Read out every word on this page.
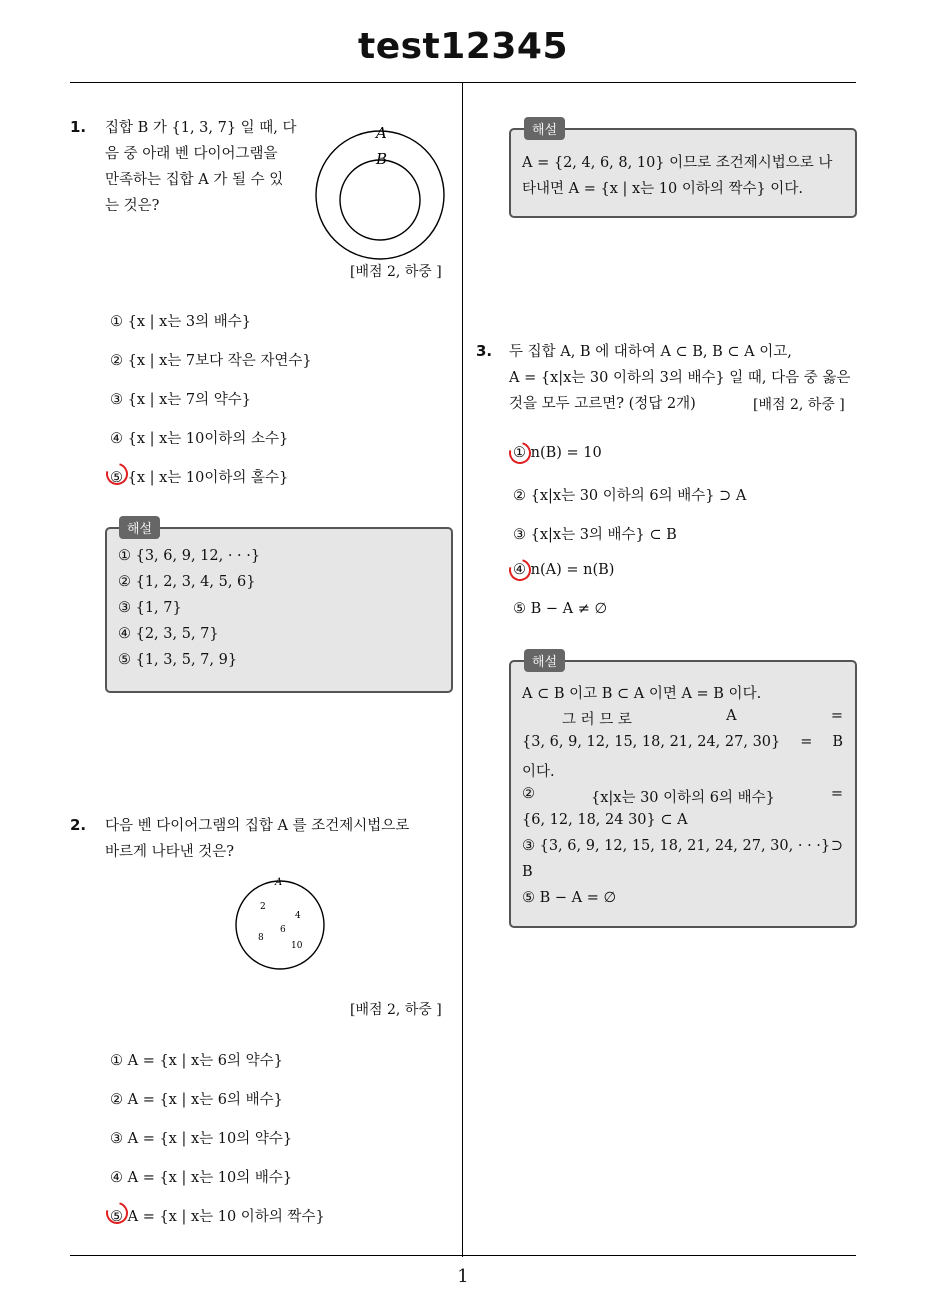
test12345
1
1. 집합 B 가 {1, 3, 7} 일 때, 다
음 중 아래 벤 다이어그램을
만족하는 집합 A 가 될 수 있
는 것은?
A
B
[배점 2, 하중 ]
① {x | x는 3의 배수}
② {x | x는 7보다 작은 자연수}
③ {x | x는 7의 약수}
④ {x | x는 10이하의 소수}
⑤ {x | x는 10이하의 홀수}
해설
① {3, 6, 9, 12, · · ·}
② {1, 2, 3, 4, 5, 6}
③ {1, 7}
④ {2, 3, 5, 7}
⑤ {1, 3, 5, 7, 9}
2. 다음 벤 다이어그램의 집합 A 를 조건제시법으로
바르게 나타낸 것은?
A
2
4
6
8
10
[배점 2, 하중 ]
① A = {x | x는 6의 약수}
② A = {x | x는 6의 배수}
③ A = {x | x는 10의 약수}
④ A = {x | x는 10의 배수}
⑤ A = {x | x는 10 이하의 짝수}
해설
A = {2, 4, 6, 8, 10} 이므로 조건제시법으로 나
타내면 A = {x | x는 10 이하의 짝수} 이다.
3. 두 집합 A, B 에 대하여 A ⊂ B, B ⊂ A 이고,
A = {x|x는 30 이하의 3의 배수} 일 때, 다음 중 옳은
것을 모두 고르면? (정답 2개)	[배점 2, 하중 ]
① n(B) = 10
② {x|x는 30 이하의 6의 배수} ⊃ A
③ {x|x는 3의 배수} ⊂ B
④ n(A) = n(B)
⑤ B − A ≠ ∅
해설
A ⊂ B 이고 B ⊂ A 이면 A = B 이다.
그 러 므 로	A	=
{3, 6, 9, 12, 15, 18, 21, 24, 27, 30} = B
이다.
②	{x|x는 30 이하의 6의 배수}	=
{6, 12, 18, 24 30} ⊂ A
③ {3, 6, 9, 12, 15, 18, 21, 24, 27, 30, · · ·} ⊃
B
⑤ B − A = ∅
